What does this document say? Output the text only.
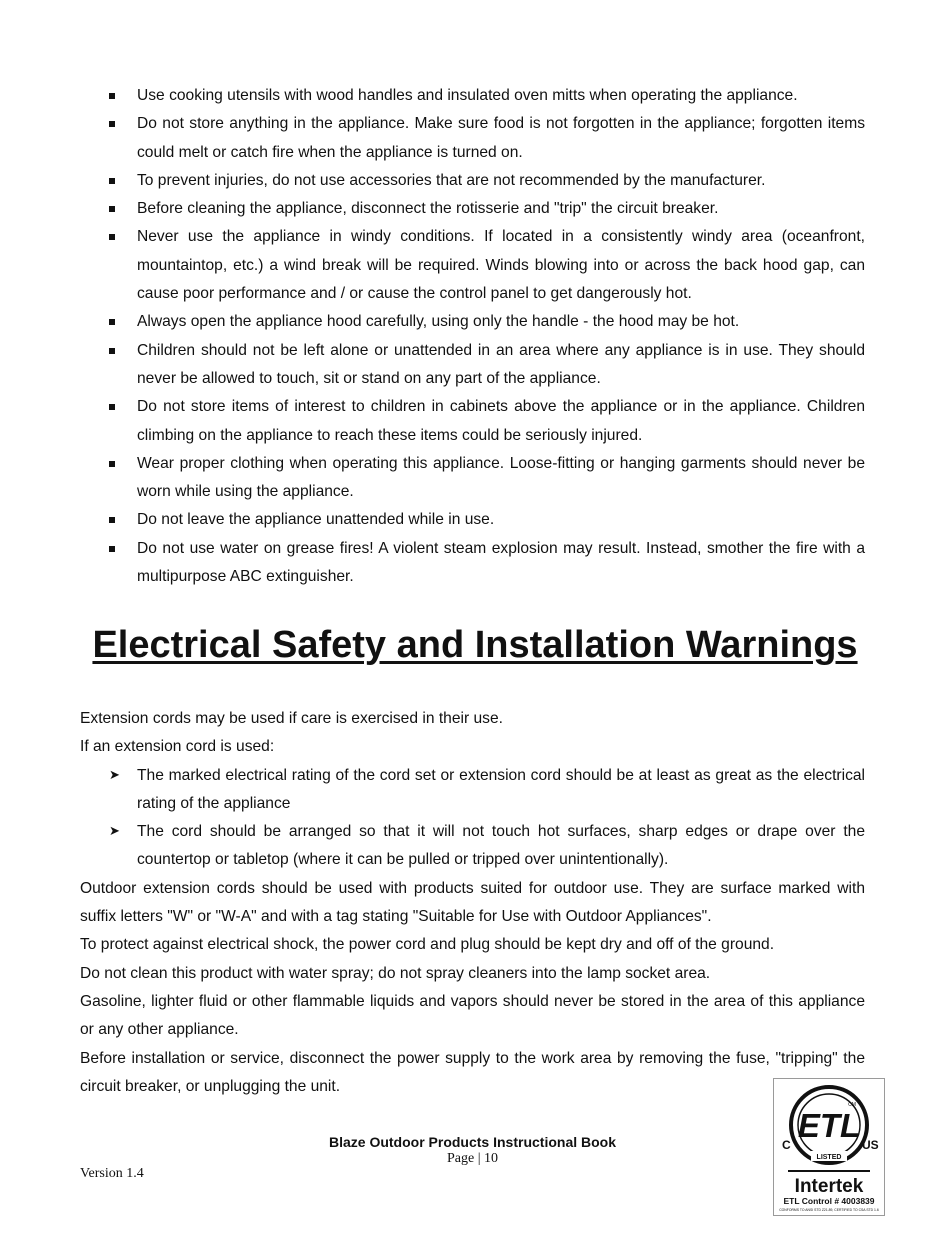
Use cooking utensils with wood handles and insulated oven mitts when operating the appliance.
Do not store anything in the appliance. Make sure food is not forgotten in the appliance; forgotten items could melt or catch fire when the appliance is turned on.
To prevent injuries, do not use accessories that are not recommended by the manufacturer.
Before cleaning the appliance, disconnect the rotisserie and "trip" the circuit breaker.
Never use the appliance in windy conditions. If located in a consistently windy area (oceanfront, mountaintop, etc.) a wind break will be required. Winds blowing into or across the back hood gap, can cause poor performance and / or cause the control panel to get dangerously hot.
Always open the appliance hood carefully, using only the handle - the hood may be hot.
Children should not be left alone or unattended in an area where any appliance is in use. They should never be allowed to touch, sit or stand on any part of the appliance.
Do not store items of interest to children in cabinets above the appliance or in the appliance. Children climbing on the appliance to reach these items could be seriously injured.
Wear proper clothing when operating this appliance. Loose-fitting or hanging garments should never be worn while using the appliance.
Do not leave the appliance unattended while in use.
Do not use water on grease fires! A violent steam explosion may result. Instead, smother the fire with a multipurpose ABC extinguisher.
Electrical Safety and Installation Warnings

Extension cords may be used if care is exercised in their use.

If an extension cord is used:

➤ The marked electrical rating of the cord set or extension cord should be at least as great as the electrical rating of the appliance
➤ The cord should be arranged so that it will not touch hot surfaces, sharp edges or drape over the countertop or tabletop (where it can be pulled or tripped over unintentionally).

Outdoor extension cords should be used with products suited for outdoor use. They are surface marked with suffix letters "W" or "W-A" and with a tag stating "Suitable for Use with Outdoor Appliances".

To protect against electrical shock, the power cord and plug should be kept dry and off of the ground.

Do not clean this product with water spray; do not spray cleaners into the lamp socket area.

Gasoline, lighter fluid or other flammable liquids and vapors should never be stored in the area of this appliance or any other appliance.

Before installation or service, disconnect the power supply to the work area by removing the fuse, "tripping" the circuit breaker, or unplugging the unit.

Blaze Outdoor Products Instructional Book
Page | 10
Version 1.4
ETL
CM
LISTED
C	US
Intertek
ETL Control # 4003839
CONFORMS TO ANSI STD Z21.89, CERTIFIED TO CSA STD 1.6
